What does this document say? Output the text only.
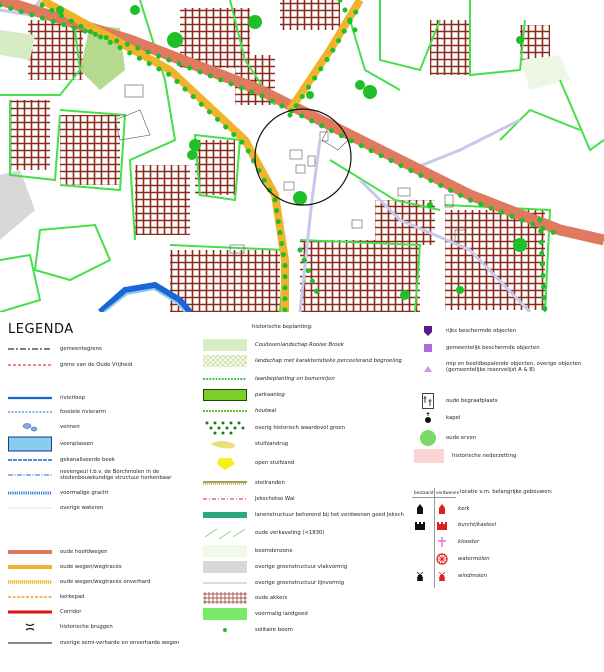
LEGENDA
gemeentegrens
grens van de Oude Vrijheid
rivierloop
fossiele rivierarm
vennen
veenplassen
gekanaliseerde beek
nevengeul t.b.v. de Borchmolen in de stedenbouwkundige structuur herkenbaar
voormalige gracht
overige wateren
oude hoofdwegen
oude wegen/wegtracés
oude wegen/wegtracés onverhard
kerkepad
Corridor
historische bruggen
overige semi-verharde en onverharde wegen
historische beplanting:
Coulissenlandschap Rooise Broek
landschap met karakteristieke perceelsrand begroeiing
laanbeplanting en bomenrijen
parkaanleg
houtwal
overig historisch waardevol groen
stuifzandrug
open stuifzand
steilranden
Jekschotse Wal
lanenstructuur behorend bij het verdwenen goed Jeksch
oude verkaveling (<1830)
beemdenzone
overige groenstructuur vlakvormig
overige groenstructuur lijnvormig
oude akkers
voormalig landgoed
solitaire boom
rijks beschermde objecten
gemeentelijk beschermde objecten
mip en beeldbepalende objecten, overige objecten (gemeentelijke reservelijst A & B)
oude begraafplaats
kapel
oude erven
historische nederzetting
bestaand verdwenen locatie v.m. belangrijke gebouwen:
kerk
burcht/kasteel
klooster
watermolen
windmolen
